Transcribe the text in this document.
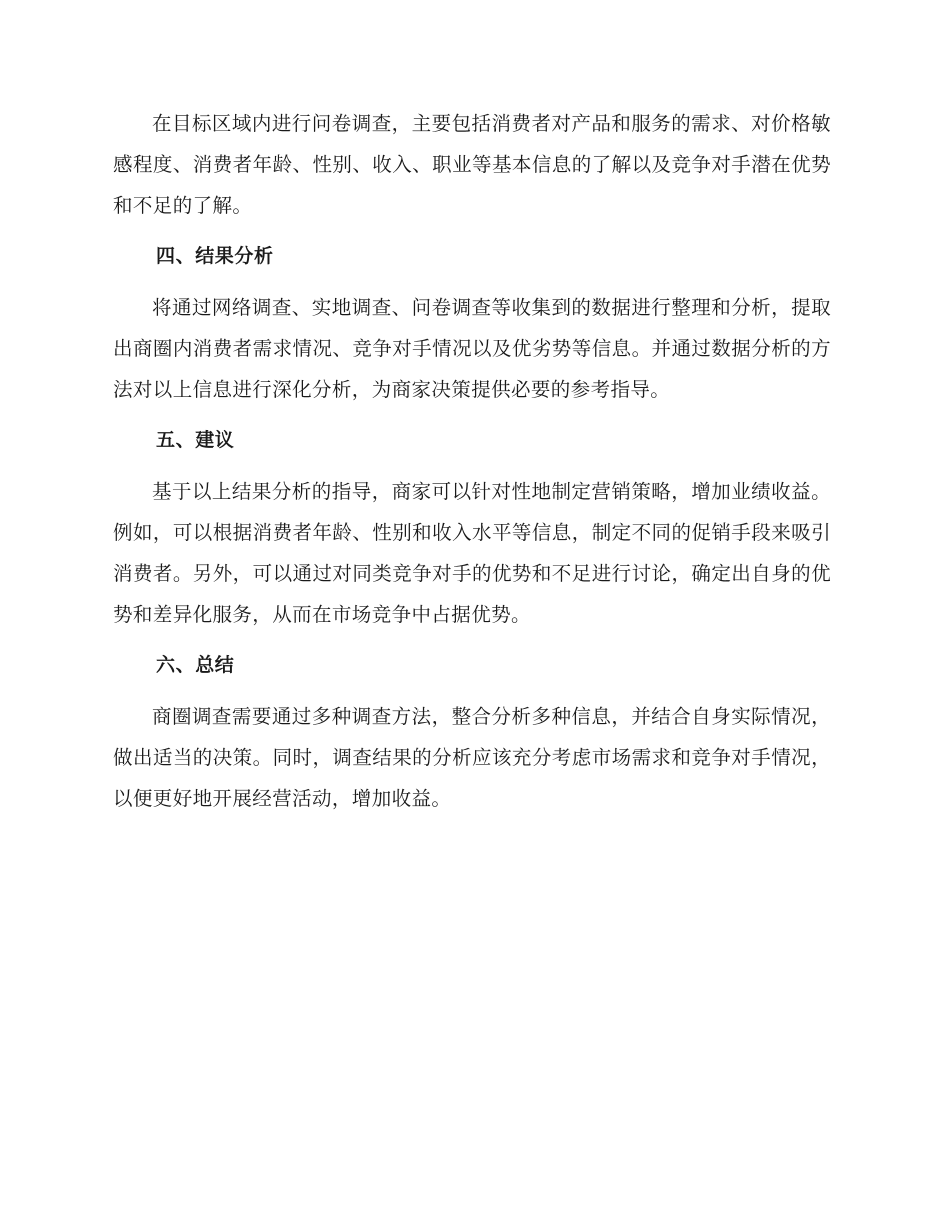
在目标区域内进行问卷调查，主要包括消费者对产品和服务的需求、对价格敏感程度、消费者年龄、性别、收入、职业等基本信息的了解以及竞争对手潜在优势和不足的了解。

四、结果分析

将通过网络调查、实地调查、问卷调查等收集到的数据进行整理和分析，提取出商圈内消费者需求情况、竞争对手情况以及优劣势等信息。并通过数据分析的方法对以上信息进行深化分析，为商家决策提供必要的参考指导。

五、建议

基于以上结果分析的指导，商家可以针对性地制定营销策略，增加业绩收益。例如，可以根据消费者年龄、性别和收入水平等信息，制定不同的促销手段来吸引消费者。另外，可以通过对同类竞争对手的优势和不足进行讨论，确定出自身的优势和差异化服务，从而在市场竞争中占据优势。

六、总结

商圈调查需要通过多种调查方法，整合分析多种信息，并结合自身实际情况，做出适当的决策。同时，调查结果的分析应该充分考虑市场需求和竞争对手情况，以便更好地开展经营活动，增加收益。
